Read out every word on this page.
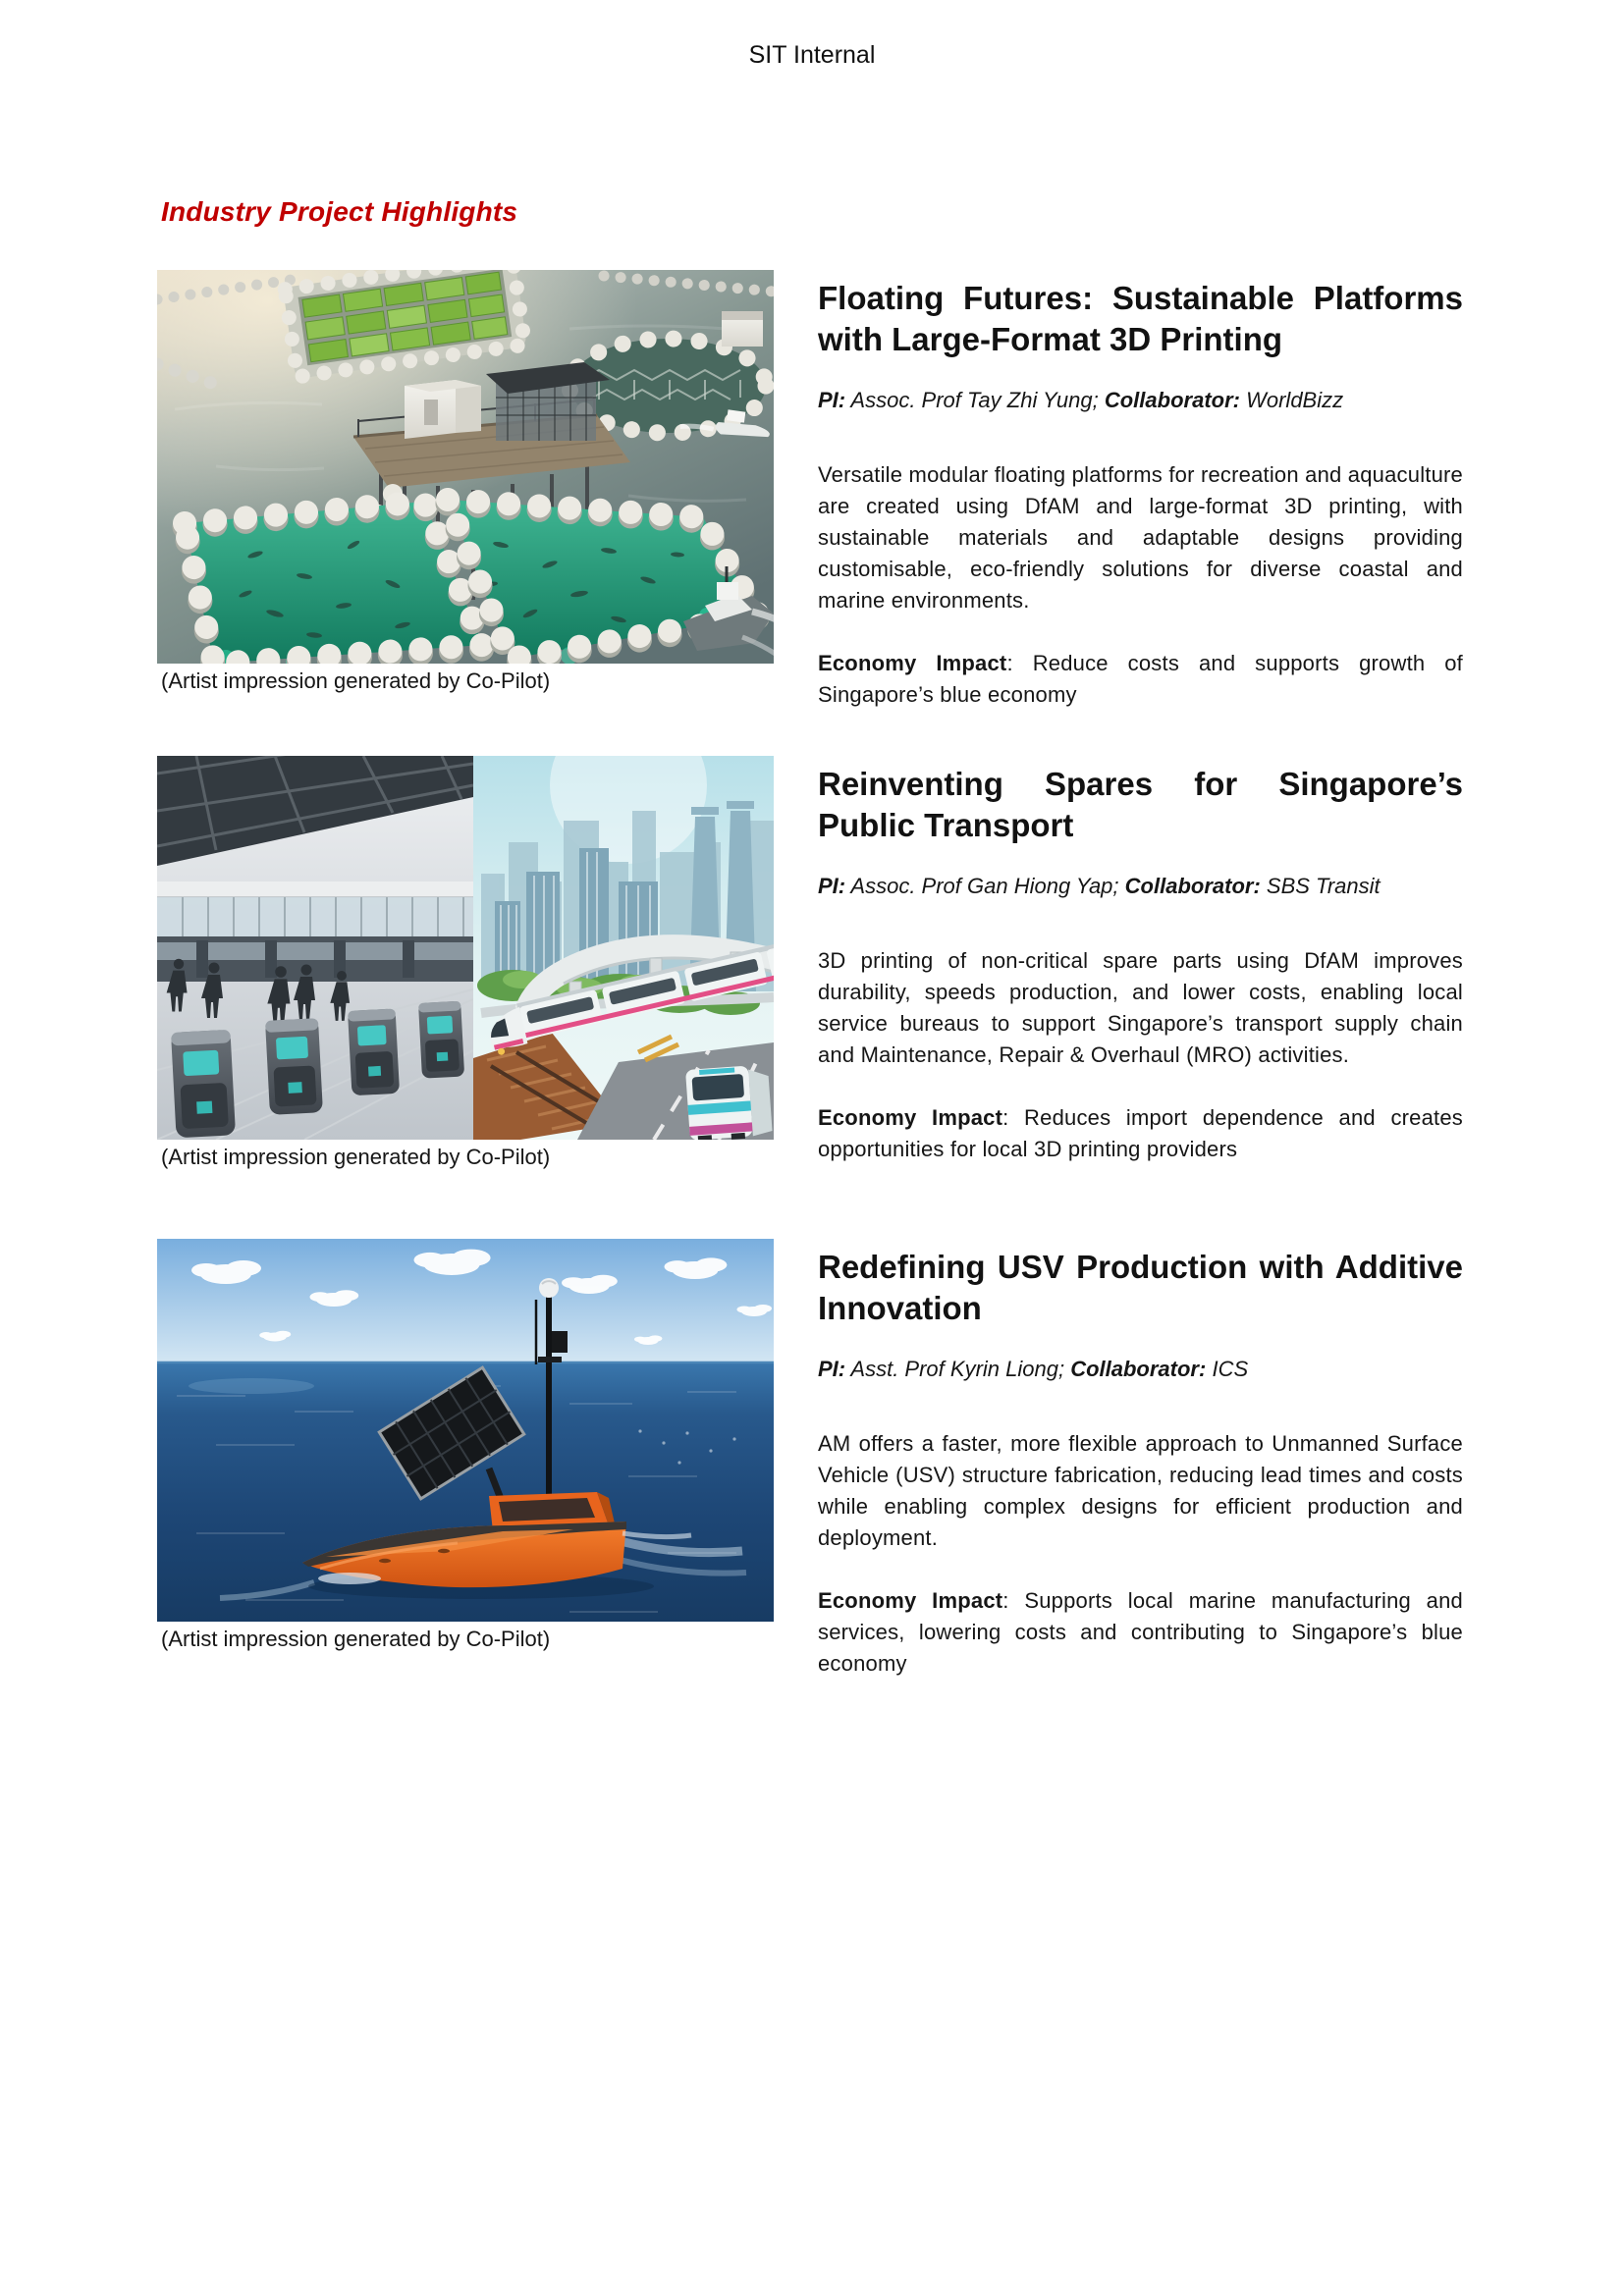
SIT Internal
Industry Project Highlights
(Artist impression generated by Co-Pilot)
Floating Futures: Sustainable Platforms with Large-Format 3D Printing
PI: Assoc. Prof Tay Zhi Yung; Collaborator: WorldBizz
Versatile modular floating platforms for recreation and aquaculture are created using DfAM and large-format 3D printing, with sustainable materials and adaptable designs providing customisable, eco-friendly solutions for diverse coastal and marine environments.
Economy Impact: Reduce costs and supports growth of Singapore’s blue economy
(Artist impression generated by Co-Pilot)
Reinventing Spares for Singapore’s Public Transport
PI: Assoc. Prof Gan Hiong Yap; Collaborator: SBS Transit
3D printing of non-critical spare parts using DfAM improves durability, speeds production, and lower costs, enabling local service bureaus to support Singapore’s transport supply chain and Maintenance, Repair & Overhaul (MRO) activities.
Economy Impact: Reduces import dependence and creates opportunities for local 3D printing providers
(Artist impression generated by Co-Pilot)
Redefining USV Production with Additive Innovation
PI: Asst. Prof Kyrin Liong; Collaborator: ICS
AM offers a faster, more flexible approach to Unmanned Surface Vehicle (USV) structure fabrication, reducing lead times and costs while enabling complex designs for efficient production and deployment.
Economy Impact: Supports local marine manufacturing and services, lowering costs and contributing to Singapore’s blue economy
